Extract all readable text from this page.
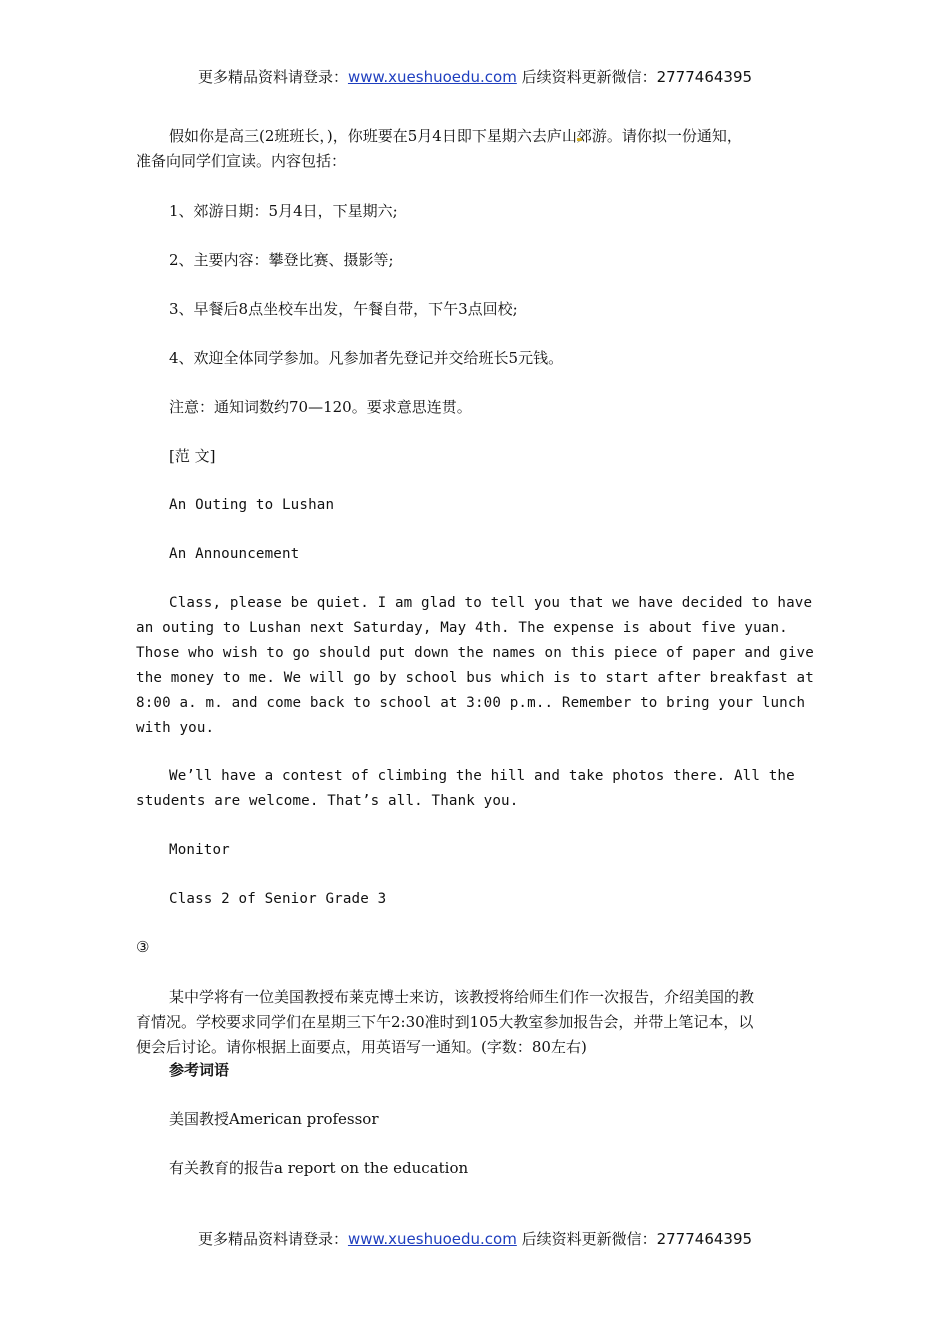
更多精品资料请登录：www.xueshuoedu.com 后续资料更新微信：2777464395

假如你是高三(2班班长，)，你班要在5月4日即下星期六去庐山郊游。请你拟一份通知，
准备向同学们宣读。内容包括：

1、郊游日期：5月4日，下星期六;

2、主要内容：攀登比赛、摄影等;

3、早餐后8点坐校车出发，午餐自带，下午3点回校;

4、欢迎全体同学参加。凡参加者先登记并交给班长5元钱。

注意：通知词数约70—120。要求意思连贯。

[范 文]

An Outing to Lushan

An Announcement

Class, please be quiet. I am glad to tell you that we have decided to have
an outing to Lushan next Saturday, May 4th. The expense is about five yuan.
Those who wish to go should put down the names on this piece of paper and give
the money to me. We will go by school bus which is to start after breakfast at
8:00 a. m. and come back to school at 3:00 p.m.. Remember to bring your lunch
with you.
We’ll have a contest of climbing the hill and take photos there. All the
students are welcome. That’s all. Thank you.

Monitor

Class 2 of Senior Grade 3

③

某中学将有一位美国教授布莱克博士来访，该教授将给师生们作一次报告，介绍美国的教
育情况。学校要求同学们在星期三下午2:30准时到105大教室参加报告会，并带上笔记本，以
便会后讨论。请你根据上面要点，用英语写一通知。(字数：80左右)

参考词语

美国教授American professor

有关教育的报告a report on the education

更多精品资料请登录：www.xueshuoedu.com 后续资料更新微信：2777464395
